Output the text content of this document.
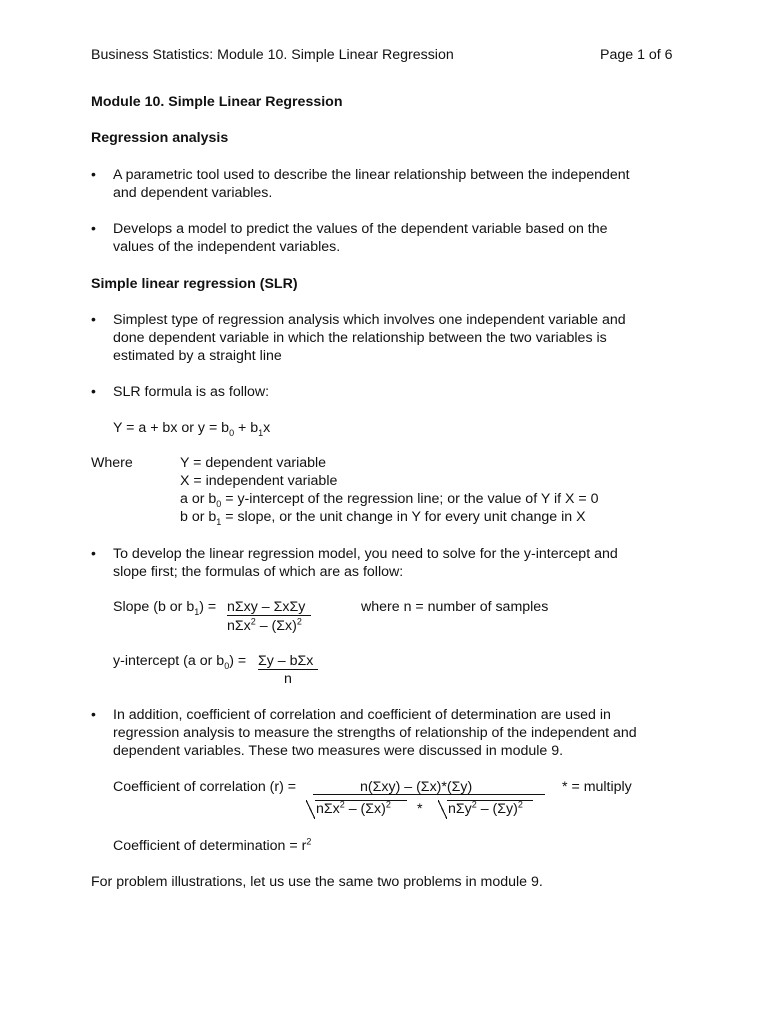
Business Statistics: Module 10. Simple Linear Regression	Page 1 of 6
Module 10. Simple Linear Regression
Regression analysis
• A parametric tool used to describe the linear relationship between the independent
and dependent variables.
• Develops a model to predict the values of the dependent variable based on the
values of the independent variables.
Simple linear regression (SLR)
• Simplest type of regression analysis which involves one independent variable and
done dependent variable in which the relationship between the two variables is
estimated by a straight line
• SLR formula is as follow:
Y = a + bx or $y = b_0 + b_1x$
Where	Y = dependent variable
X = independent variable
a or $b_0$ = y-intercept of the regression line; or the value of Y if X = 0
b or $b_1$ = slope, or the unit change in Y for every unit change in X
• To develop the linear regression model, you need to solve for the y-intercept and
slope first; the formulas of which are as follow:
Slope (b or $b_1) = n\Sigma xy - \Sigma x\Sigma y$
$n\Sigma x^2 - (\Sigma x)^2$
where n = number of samples
y-intercept (a or $b_0) = \Sigma y - b\Sigma x$
n
• In addition, coefficient of correlation and coefficient of determination are used in
regression analysis to measure the strengths of relationship of the independent and
dependent variables. These two measures were discussed in module 9.
Coefficient of correlation (r) =	n(Σxy) – (Σx)*(Σy)	* = multiply
$n\Sigma x^2 - (\Sigma x)^2 * n\Sigma y^2 - (\Sigma y)^2$
Coefficient of determination = $r^2$
For problem illustrations, let us use the same two problems in module 9.
